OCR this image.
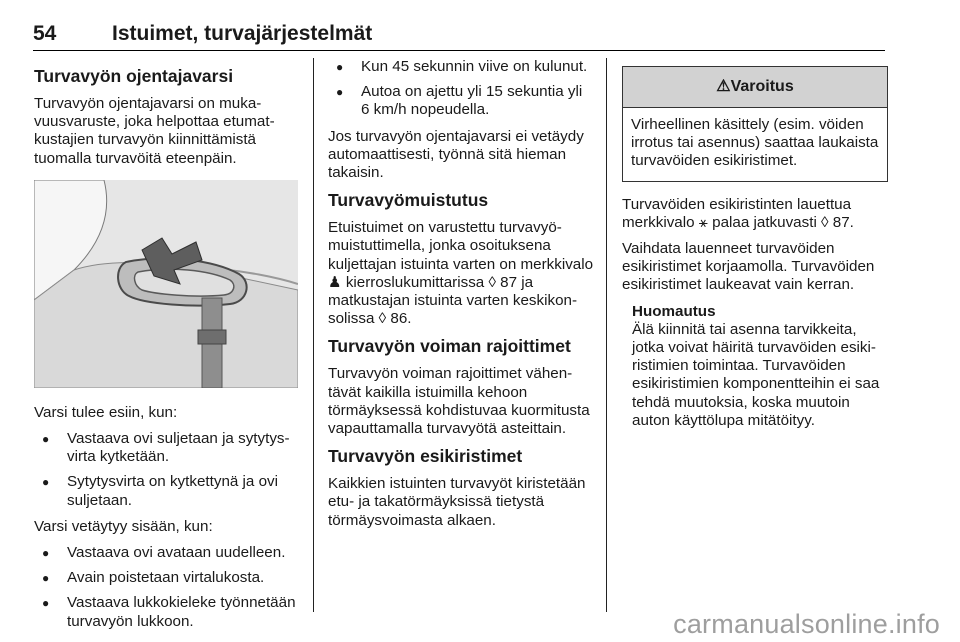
54	Istuimet, turvajärjestelmät
Turvavyön ojentajavarsi

Turvavyön ojentajavarsi on mukavuusvaruste, joka helpottaa etumatkustajien turvavyön kiinnittämistä tuomalla turvavöitä eteenpäin.

Varsi tulee esiin, kun:

● Vastaava ovi suljetaan ja sytytysvirta kytketään.
● Sytytysvirta on kytkettynä ja ovi suljetaan.

Varsi vetäytyy sisään, kun:

● Vastaava ovi avataan uudelleen.
● Avain poistetaan virtalukosta.
● Vastaava lukkokieleke työnnetään turvavyön lukkoon.
● Kun 45 sekunnin viive on kulunut.
● Autoa on ajettu yli 15 sekuntia yli 6 km/h nopeudella.

Jos turvavyön ojentajavarsi ei vetäydy automaattisesti, työnnä sitä hieman takaisin.

Turvavyömuistutus

Etuistuimet on varustettu turvavyömuistuttimella, jonka osoituksena kuljettajan istuinta varten on merkkivalo ♟ kierroslukumittarissa ◊ 87 ja matkustajan istuinta varten keskikonsolissa ◊ 86.

Turvavyön voiman rajoittimet

Turvavyön voiman rajoittimet vähentävät kaikilla istuimilla kehoon törmäyksessä kohdistuvaa kuormitusta vapauttamalla turvavyötä asteittain.

Turvavyön esikiristimet

Kaikkien istuinten turvavyöt kiristetään etu- ja takatörmäyksissä tietystä törmäysvoimasta alkaen.

⚠Varoitus
Virheellinen käsittely (esim. vöiden irrotus tai asennus) saattaa laukaista turvavöiden esikiristimet.

Turvavöiden esikiristinten lauettua merkkivalo ⚹ palaa jatkuvasti ◊ 87.

Vaihdata lauenneet turvavöiden esikiristimet korjaamolla. Turvavöiden esikiristimet laukeavat vain kerran.

Huomautus
Älä kiinnitä tai asenna tarvikkeita, jotka voivat häiritä turvavöiden esikiristimien toimintaa. Turvavöiden esikiristimien komponentteihin ei saa tehdä muutoksia, koska muutoin auton käyttölupa mitätöityy.
carmanualsonline.info
